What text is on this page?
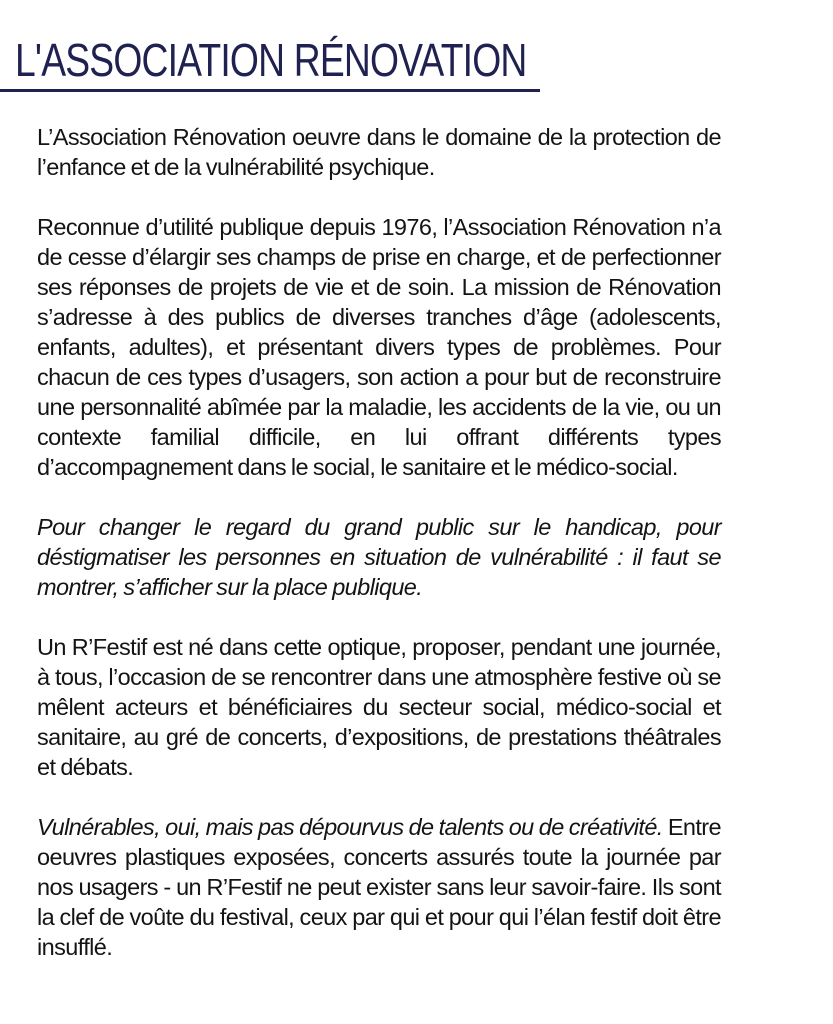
L'ASSOCIATION RÉNOVATION

L’Association Rénovation oeuvre dans le domaine de la protection de l’enfance et de la vulnérabilité psychique.

Reconnue d’utilité publique depuis 1976, l’Association Rénovation n’a de cesse d’élargir ses champs de prise en charge, et de perfectionner ses réponses de projets de vie et de soin. La mission de Rénovation s’adresse à des publics de diverses tranches d’âge (adolescents, enfants, adultes), et présentant divers types de problèmes. Pour chacun de ces types d’usagers, son action a pour but de reconstruire une personnalité abîmée par la maladie, les accidents de la vie, ou un contexte familial difficile, en lui offrant différents types d’accompagnement dans le social, le sanitaire et le médico-social.

Pour changer le regard du grand public sur le handicap, pour déstigmatiser les personnes en situation de vulnérabilité : il faut se montrer, s’afficher sur la place publique.

Un R’Festif est né dans cette optique, proposer, pendant une journée, à tous, l’occasion de se rencontrer dans une atmosphère festive où se mêlent acteurs et bénéficiaires du secteur social, médico-social et sanitaire, au gré de concerts, d’expositions, de prestations théâtrales et débats.

Vulnérables, oui, mais pas dépourvus de talents ou de créativité. Entre oeuvres plastiques exposées, concerts assurés toute la journée par nos usagers - un R’Festif ne peut exister sans leur savoir-faire. Ils sont la clef de voûte du festival, ceux par qui et pour qui l’élan festif doit être insufflé.
